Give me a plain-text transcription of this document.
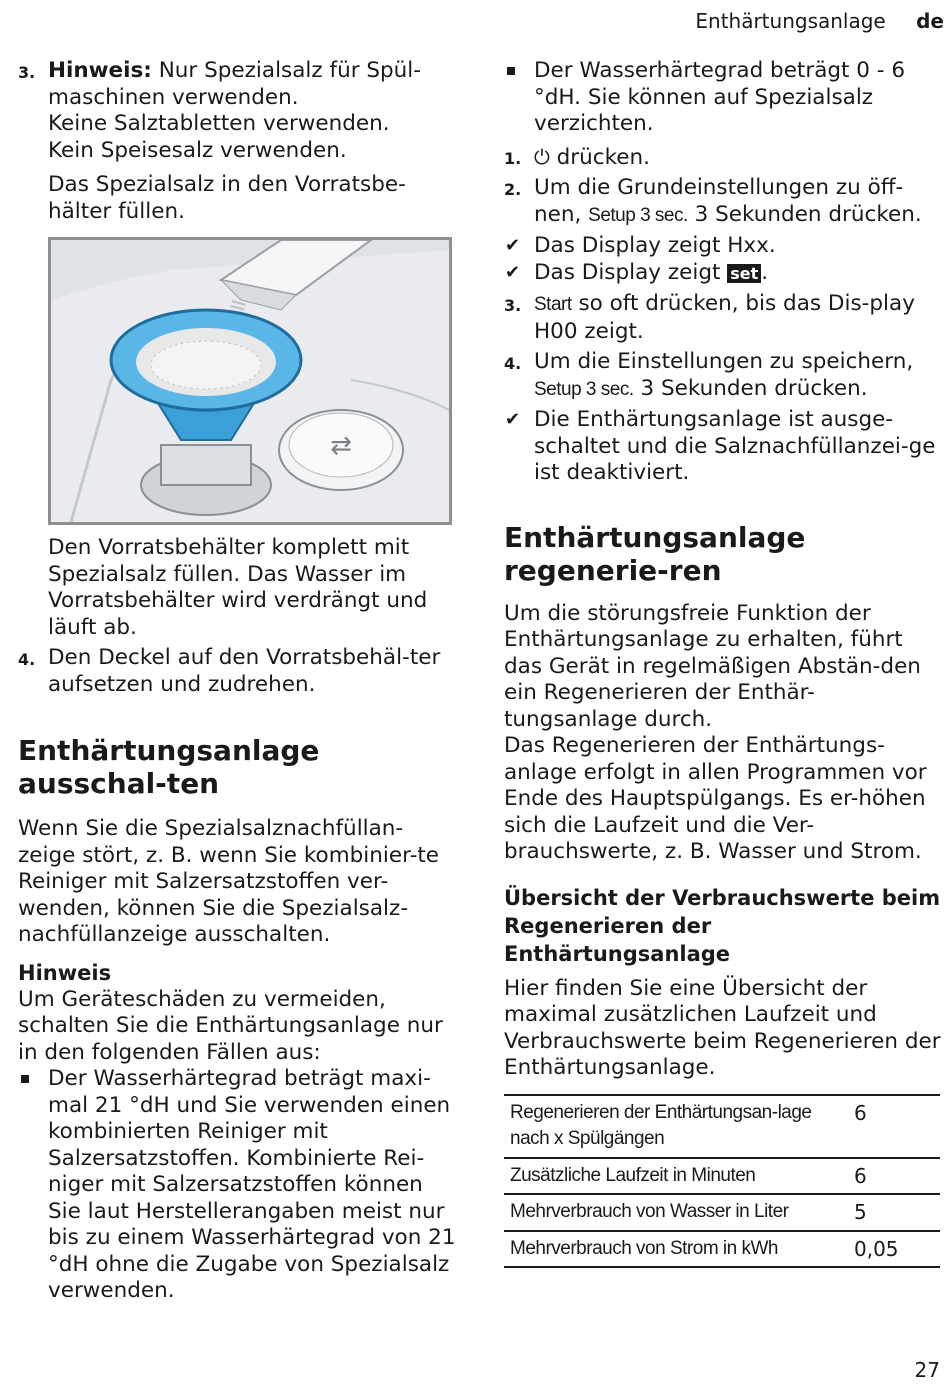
Enthärtungsanlage de
3. Hinweis: Nur Spezialsalz für Spül-maschinen verwenden.

Keine Salztabletten verwenden.

Kein Speisesalz verwenden.

Das Spezialsalz in den Vorratsbe-hälter füllen.

⇄

Den Vorratsbehälter komplett mit Spezialsalz füllen. Das Wasser im Vorratsbehälter wird verdrängt und läuft ab.

4. Den Deckel auf den Vorratsbehäl-ter aufsetzen und zudrehen.

Enthärtungsanlage ausschal-ten

Wenn Sie die Spezialsalznachfüllan-zeige stört, z. B. wenn Sie kombinier-te Reiniger mit Salzersatzstoffen ver-wenden, können Sie die Spezialsalz-nachfüllanzeige ausschalten.

Hinweis

Um Geräteschäden zu vermeiden, schalten Sie die Enthärtungsanlage nur in den folgenden Fällen aus:

Der Wasserhärtegrad beträgt maxi-mal 21 °dH und Sie verwenden einen kombinierten Reiniger mit Salzersatzstoffen. Kombinierte Rei-niger mit Salzersatzstoffen können Sie laut Herstellerangaben meist nur bis zu einem Wasserhärtegrad von 21 °dH ohne die Zugabe von Spezialsalz verwenden.

Der Wasserhärtegrad beträgt 0 - 6 °dH. Sie können auf Spezialsalz verzichten.

1. ⏻ drücken.

2. Um die Grundeinstellungen zu öff-nen, Setup 3 sec. 3 Sekunden drücken.

✔ Das Display zeigt Hxx.

✔ Das Display zeigt set .

3. Start so oft drücken, bis das Dis-play H00 zeigt.

4. Um die Einstellungen zu speichern, Setup 3 sec. 3 Sekunden drücken.

✔ Die Enthärtungsanlage ist ausge-schaltet und die Salznachfüllanzei-ge ist deaktiviert.

Enthärtungsanlage regenerie-ren

Um die störungsfreie Funktion der Enthärtungsanlage zu erhalten, führt das Gerät in regelmäßigen Abstän-den ein Regenerieren der Enthär-tungsanlage durch.

Das Regenerieren der Enthärtungs-anlage erfolgt in allen Programmen vor Ende des Hauptspülgangs. Es er-höhen sich die Laufzeit und die Ver-brauchswerte, z. B. Wasser und Strom.

Übersicht der Verbrauchswerte beim Regenerieren der Enthärtungsanlage

Hier finden Sie eine Übersicht der maximal zusätzlichen Laufzeit und Verbrauchswerte beim Regenerieren der Enthärtungsanlage.

Regenerieren der Enthärtungsan-lage nach x Spülgängen	6
Zusätzliche Laufzeit in Minuten	6
Mehrverbrauch von Wasser in Liter	5
Mehrverbrauch von Strom in kWh	0,05
27
